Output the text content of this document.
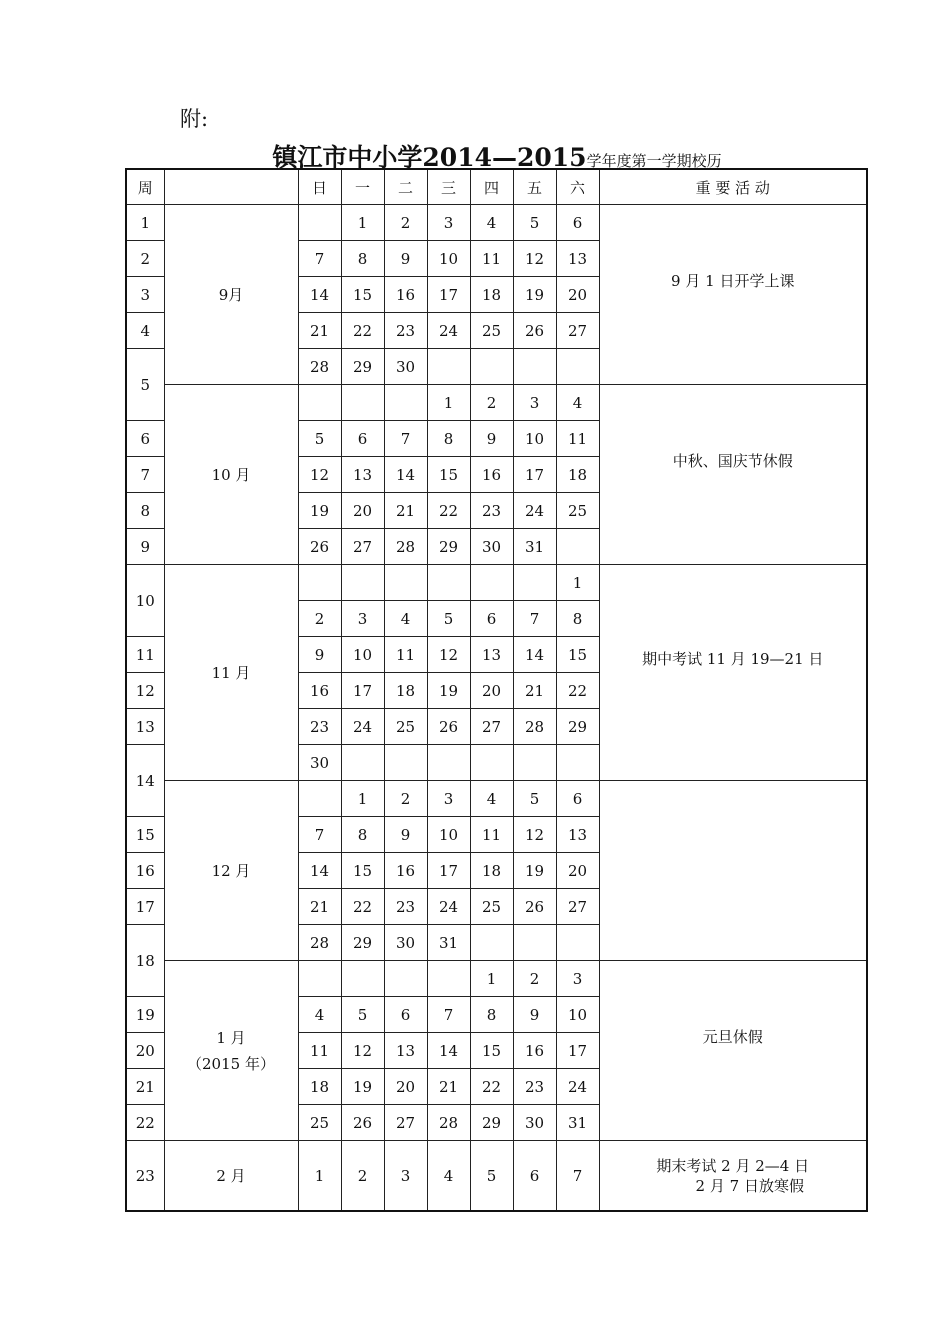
附:
镇江市中小学2014—2015学年度第一学期校历
周		日	一	二	三	四	五	六	重 要 活 动
1	9月		1	2	3	4	5	6	9 月 1 日开学上课
2		7	8	9	10	11	12	13	
3		14	15	16	17	18	19	20	
4		21	22	23	24	25	26	27	
5		28	29	30					

	10 月				1	2	3	4	中秋、国庆节休假
6		5	6	7	8	9	10	11	
7		12	13	14	15	16	17	18	
8		19	20	21	22	23	24	25	
9		26	27	28	29	30	31		
10	11 月							1	期中考试 11 月 19—21 日
		2	3	4	5	6	7	8	
11		9	10	11	12	13	14	15	
12		16	17	18	19	20	21	22	
13		23	24	25	26	27	28	29	
14		30							

	12 月		1	2	3	4	5	6	
15		7	8	9	10	11	12	13	
16		14	15	16	17	18	19	20	
17		21	22	23	24	25	26	27	
18		28	29	30	31				

	1 月
（2015 年）					1	2	3	元旦休假
19		4	5	6	7	8	9	10	
20		11	12	13	14	15	16	17	
21		18	19	20	21	22	23	24	
22		25	26	27	28	29	30	31	
23	2 月	1	2	3	4	5	6	7	期末考试 2 月 2—4 日
2 月 7 日放寒假
